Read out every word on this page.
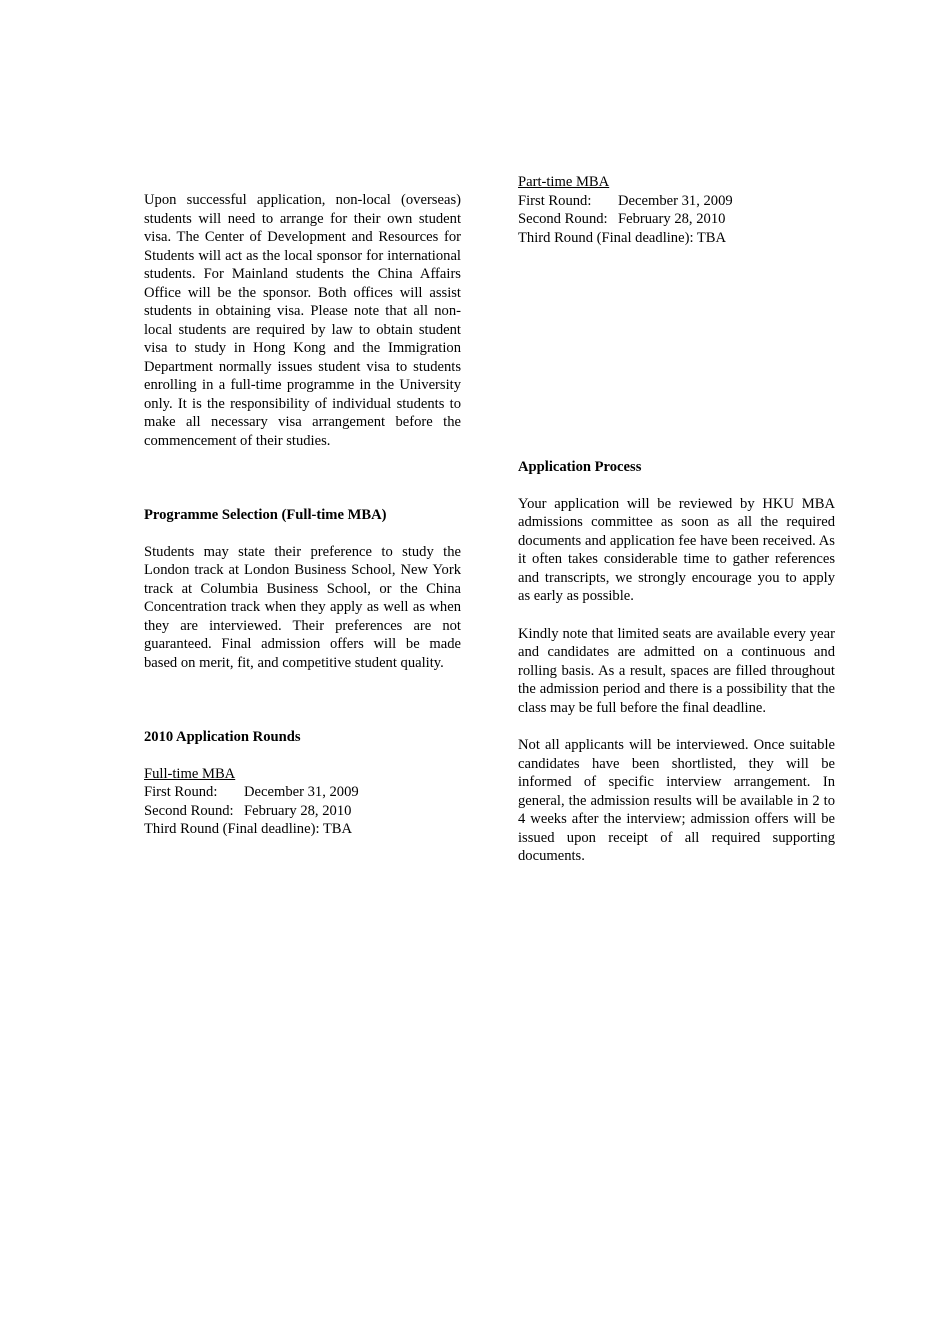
Upon successful application, non-local (overseas) students will need to arrange for their own student visa. The Center of Development and Resources for Students will act as the local sponsor for international students. For Mainland students the China Affairs Office will be the sponsor. Both offices will assist students in obtaining visa. Please note that all non-local students are required by law to obtain student visa to study in Hong Kong and the Immigration Department normally issues student visa to students enrolling in a full-time programme in the University only. It is the responsibility of individual students to make all necessary visa arrangement before the commencement of their studies.

Programme Selection (Full-time MBA)

Students may state their preference to study the London track at London Business School, New York track at Columbia Business School, or the China Concentration track when they apply as well as when they are interviewed. Their preferences are not guaranteed. Final admission offers will be made based on merit, fit, and competitive student quality.

2010 Application Rounds

Full-time MBA
First Round: December 31, 2009
Second Round: February 28, 2010
Third Round (Final deadline): TBA
Part-time MBA
First Round: December 31, 2009
Second Round: February 28, 2010
Third Round (Final deadline): TBA

Application Process

Your application will be reviewed by HKU MBA admissions committee as soon as all the required documents and application fee have been received. As it often takes considerable time to gather references and transcripts, we strongly encourage you to apply as early as possible.

Kindly note that limited seats are available every year and candidates are admitted on a continuous and rolling basis. As a result, spaces are filled throughout the admission period and there is a possibility that the class may be full before the final deadline.

Not all applicants will be interviewed. Once suitable candidates have been shortlisted, they will be informed of specific interview arrangement. In general, the admission results will be available in 2 to 4 weeks after the interview; admission offers will be issued upon receipt of all required supporting documents.
